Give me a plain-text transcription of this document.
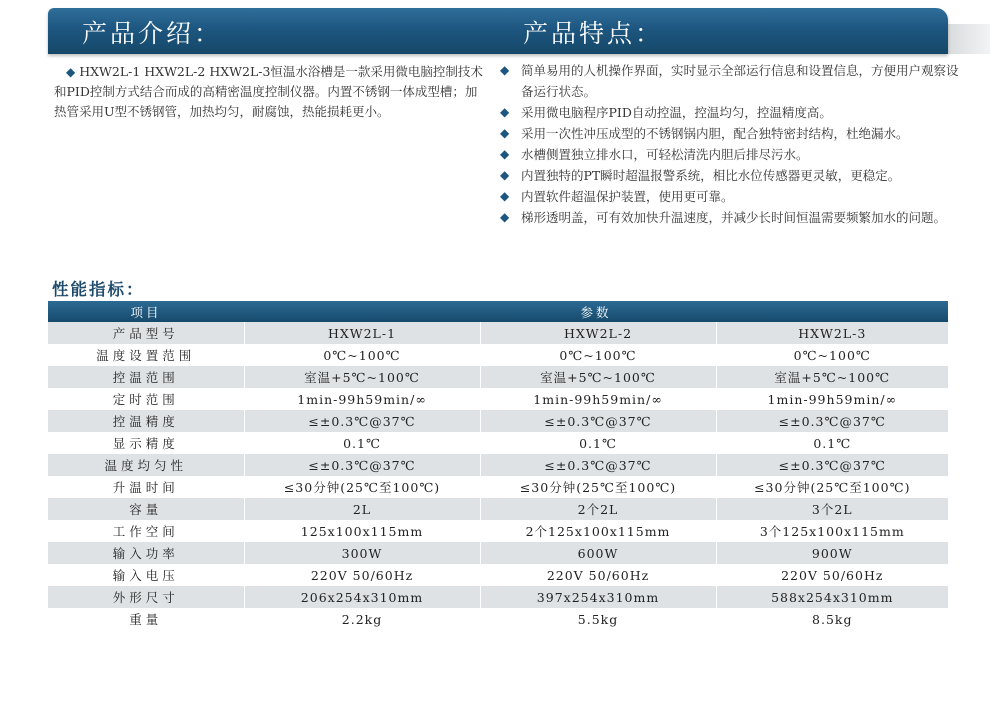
产品介绍：	产品特点：

◆ HXW2L-1 HXW2L-2 HXW2L-3恒温水浴槽是一款采用微电脑控制技术和PID控制方式结合而成的高精密温度控制仪器。内置不锈钢一体成型槽；加热管采用U型不锈钢管，加热均匀，耐腐蚀，热能损耗更小。

◆ 简单易用的人机操作界面，实时显示全部运行信息和设置信息，方便用户观察设备运行状态。
◆ 采用微电脑程序PID自动控温，控温均匀，控温精度高。
◆ 采用一次性冲压成型的不锈钢锅内胆，配合独特密封结构，杜绝漏水。
◆ 水槽侧置独立排水口，可轻松清洗内胆后排尽污水。
◆ 内置独特的PT瞬时超温报警系统，相比水位传感器更灵敏，更稳定。
◆ 内置软件超温保护装置，使用更可靠。
◆ 梯形透明盖，可有效加快升温速度，并减少长时间恒温需要频繁加水的问题。
性能指标：
项目	参数		
产品型号	HXW2L-1	HXW2L-2	HXW2L-3
温度设置范围	0℃~100℃	0℃~100℃	0℃~100℃
控温范围	室温+5℃~100℃	室温+5℃~100℃	室温+5℃~100℃
定时范围	1min-99h59min/∞	1min-99h59min/∞	1min-99h59min/∞
控温精度	≤±0.3℃@37℃	≤±0.3℃@37℃	≤±0.3℃@37℃
显示精度	0.1℃	0.1℃	0.1℃
温度均匀性	≤±0.3℃@37℃	≤±0.3℃@37℃	≤±0.3℃@37℃
升温时间	≤30分钟(25℃至100℃)	≤30分钟(25℃至100℃)	≤30分钟(25℃至100℃)
容量	2L	2个2L	3个2L
工作空间	125x100x115mm	2个125x100x115mm	3个125x100x115mm
输入功率	300W	600W	900W
输入电压	220V 50/60Hz	220V 50/60Hz	220V 50/60Hz
外形尺寸	206x254x310mm	397x254x310mm	588x254x310mm
重量	2.2kg	5.5kg	8.5kg
